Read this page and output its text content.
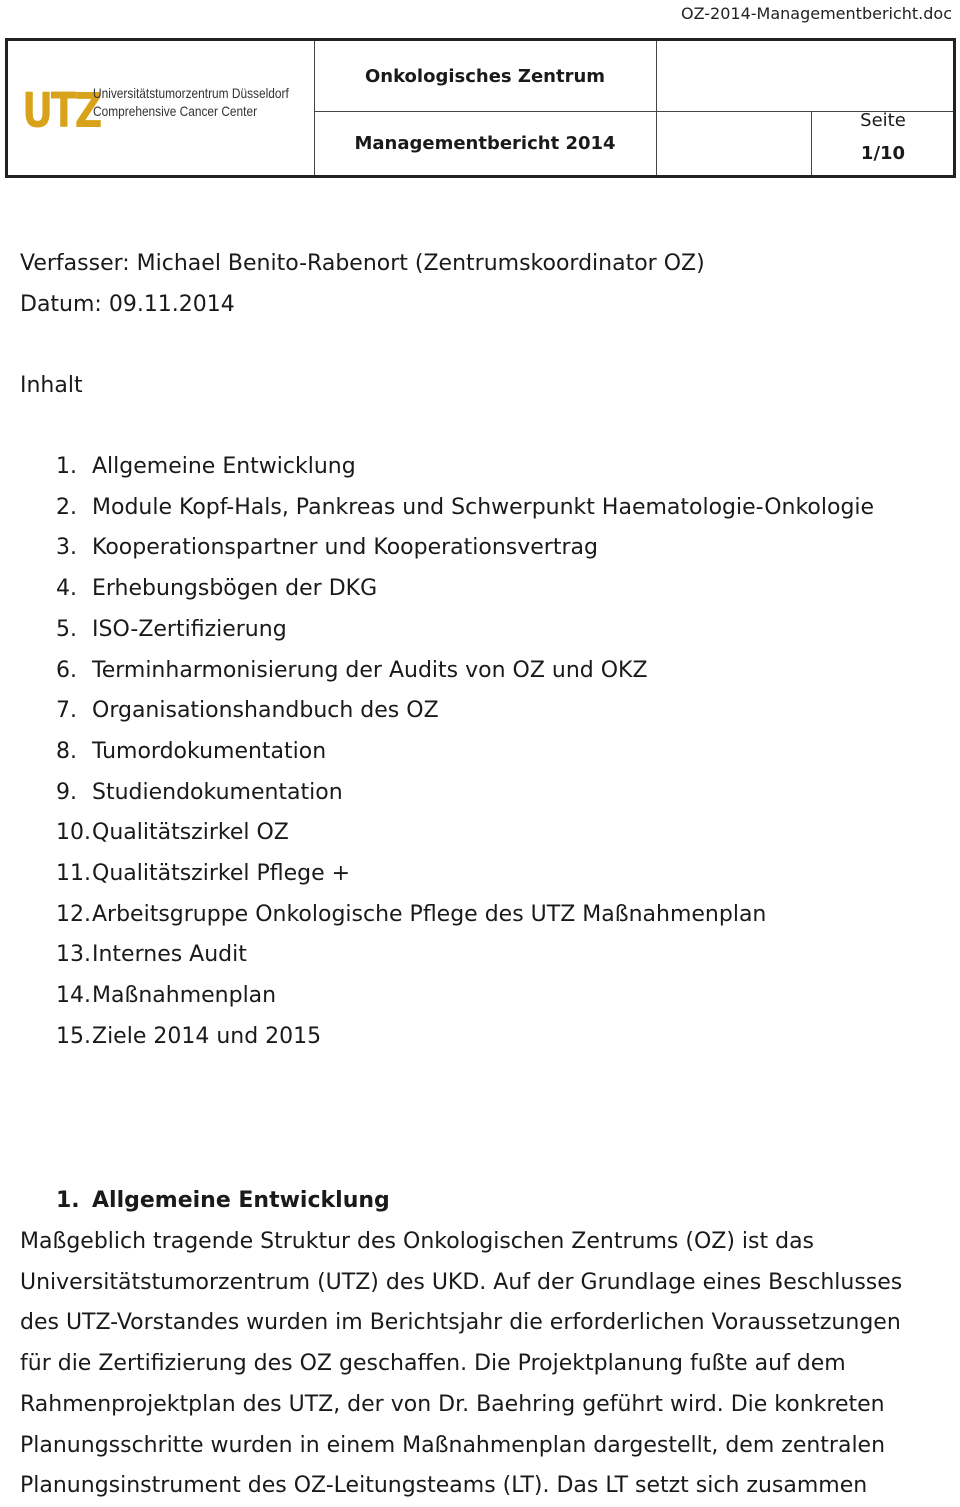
OZ-2014-Managementbericht.doc
UTZ
Universitätstumorzentrum Düsseldorf
Comprehensive Cancer Center
Onkologisches Zentrum
Managementbericht 2014
Seite
1/10
Verfasser: Michael Benito-Rabenort (Zentrumskoordinator OZ)
Datum: 09.11.2014
Inhalt
1. Allgemeine Entwicklung
2. Module Kopf-Hals, Pankreas und Schwerpunkt Haematologie-Onkologie
3. Kooperationspartner und Kooperationsvertrag
4. Erhebungsbögen der DKG
5. ISO-Zertifizierung
6. Terminharmonisierung der Audits von OZ und OKZ
7. Organisationshandbuch des OZ
8. Tumordokumentation
9. Studiendokumentation
10. Qualitätszirkel OZ
11. Qualitätszirkel Pflege +
12. Arbeitsgruppe Onkologische Pflege des UTZ Maßnahmenplan
13. Internes Audit
14. Maßnahmenplan
15. Ziele 2014 und 2015
1. Allgemeine Entwicklung
Maßgeblich tragende Struktur des Onkologischen Zentrums (OZ) ist das
Universitätstumorzentrum (UTZ) des UKD. Auf der Grundlage eines Beschlusses
des UTZ-Vorstandes wurden im Berichtsjahr die erforderlichen Voraussetzungen
für die Zertifizierung des OZ geschaffen. Die Projektplanung fußte auf dem
Rahmenprojektplan des UTZ, der von Dr. Baehring geführt wird. Die konkreten
Planungsschritte wurden in einem Maßnahmenplan dargestellt, dem zentralen
Planungsinstrument des OZ-Leitungsteams (LT). Das LT setzt sich zusammen
